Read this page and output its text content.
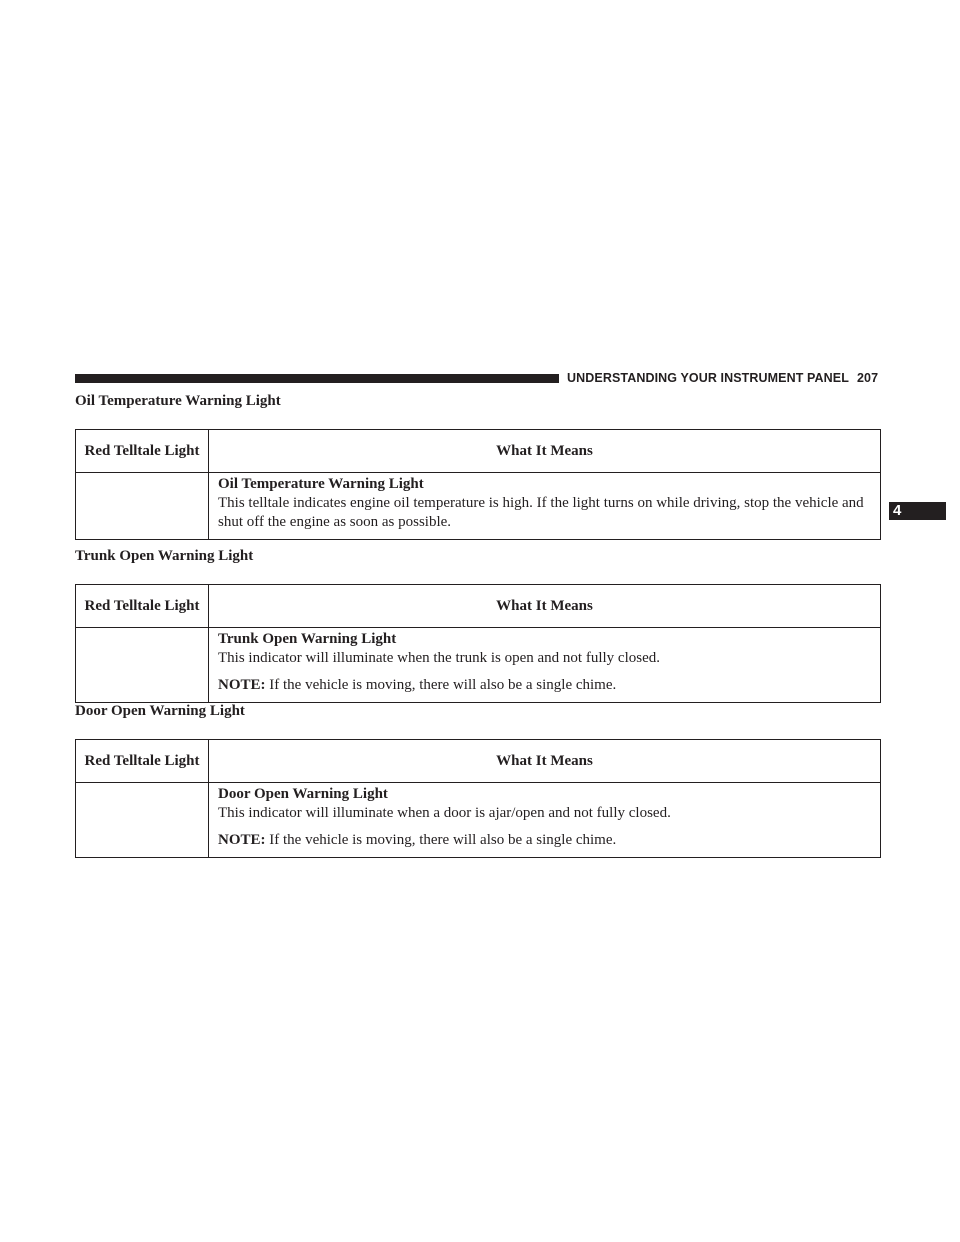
UNDERSTANDING YOUR INSTRUMENT PANEL 207
4
Oil Temperature Warning Light
Red Telltale Light	What It Means

	Oil Temperature Warning Light

This telltale indicates engine oil temperature is high. If the light turns on while driving, stop the vehicle and shut off the engine as soon as possible.

Trunk Open Warning Light
Red Telltale Light	What It Means

	Trunk Open Warning Light

This indicator will illuminate when the trunk is open and not fully closed.

NOTE: If the vehicle is moving, there will also be a single chime.
Door Open Warning Light
Red Telltale Light	What It Means

	Door Open Warning Light

This indicator will illuminate when a door is ajar/open and not fully closed.

NOTE: If the vehicle is moving, there will also be a single chime.
